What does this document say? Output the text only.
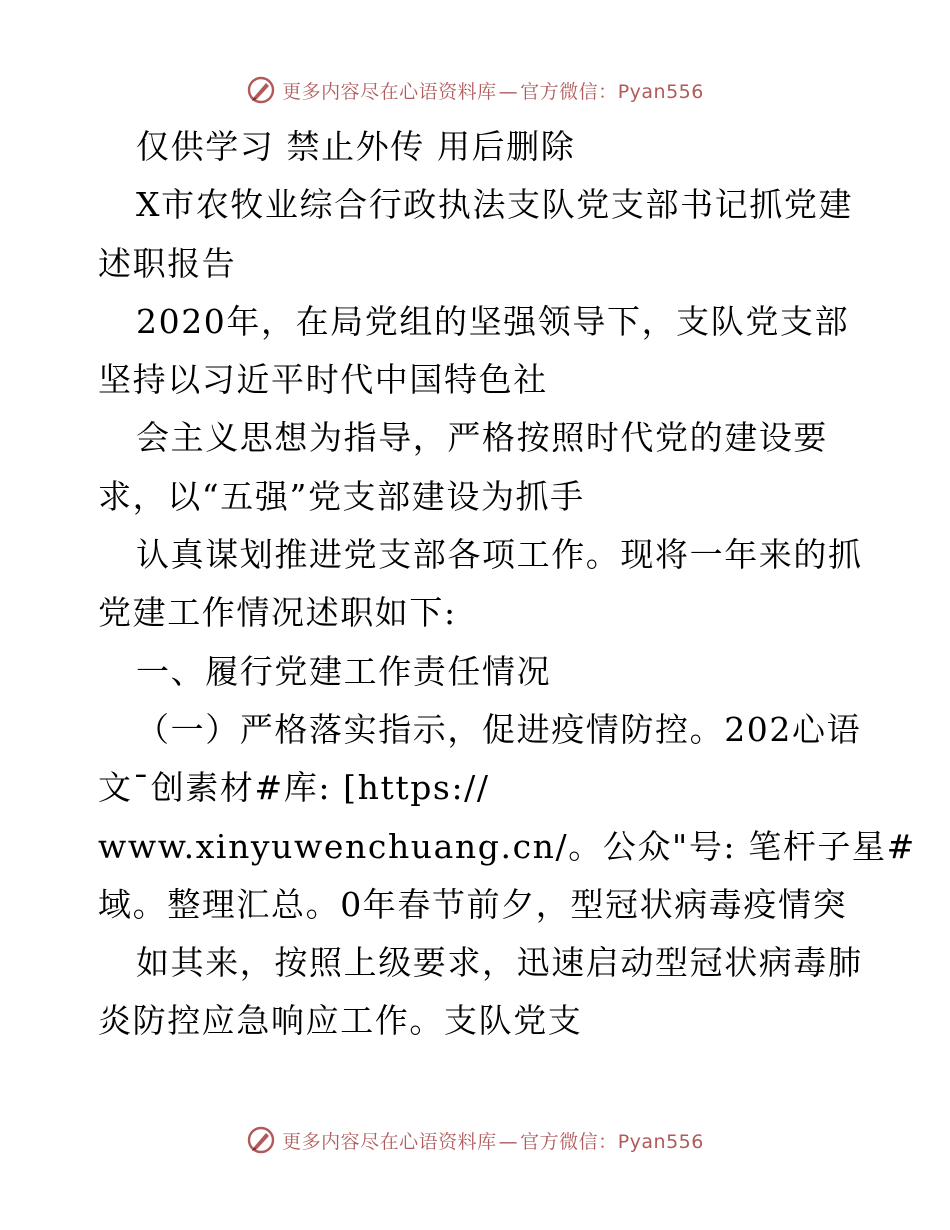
更多内容尽在心语资料库 — 官方微信：Pyan556
仅供学习 禁止外传 用后删除
X市农牧业综合行政执法支队党支部书记抓党建
述职报告
2020年，在局党组的坚强领导下，支队党支部
坚持以习近平时代中国特色社
会主义思想为指导，严格按照时代党的建设要
求，以“五强”党支部建设为抓手
认真谋划推进党支部各项工作。现将一年来的抓
党建工作情况述职如下:
一、履行党建工作责任情况
（一）严格落实指示，促进疫情防控。202心语
文¯创素材#库: [https://
www.xinyuwenchuang.cn/。公众"号: 笔杆子星#
域。整理汇总。0年春节前夕，型冠状病毒疫情突
如其来，按照上级要求，迅速启动型冠状病毒肺
炎防控应急响应工作。支队党支
更多内容尽在心语资料库 — 官方微信：Pyan556
